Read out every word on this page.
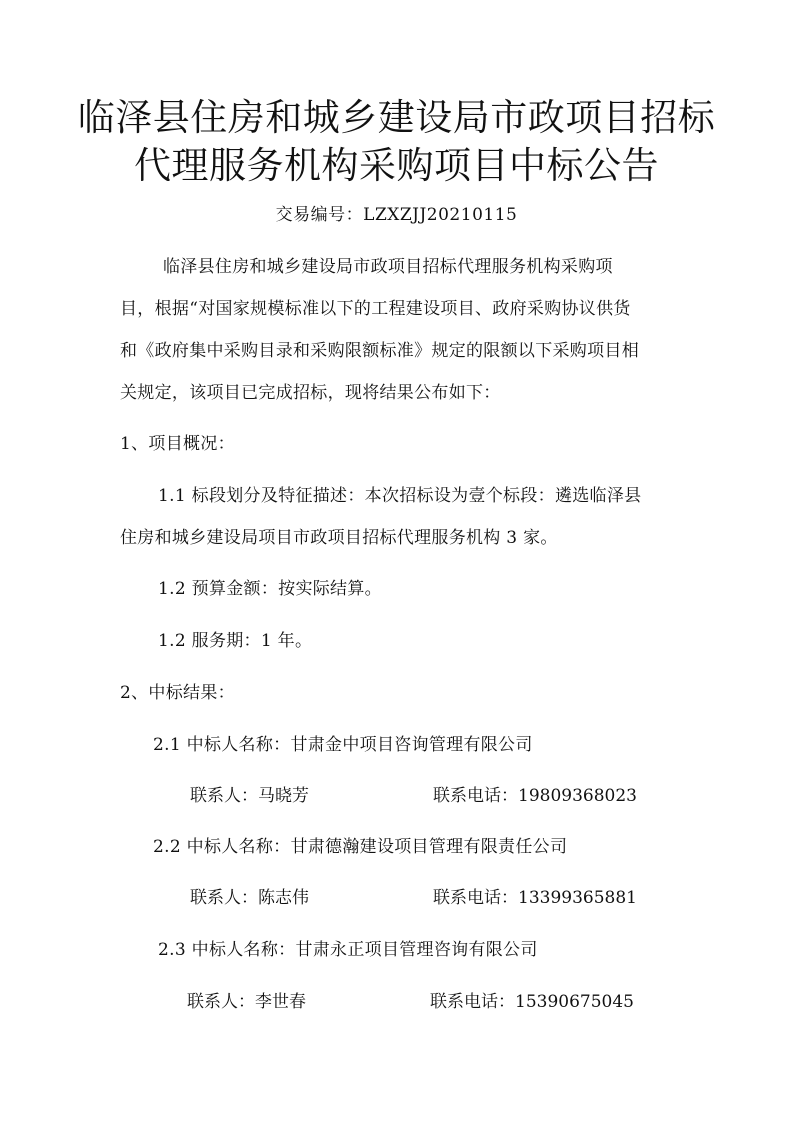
临泽县住房和城乡建设局市政项目招标
代理服务机构采购项目中标公告
交易编号：LZXZJJ20210115
临泽县住房和城乡建设局市政项目招标代理服务机构采购项
目，根据“对国家规模标准以下的工程建设项目、政府采购协议供货
和《政府集中采购目录和采购限额标准》规定的限额以下采购项目相
关规定，该项目已完成招标，现将结果公布如下：
1、项目概况：
1.1 标段划分及特征描述：本次招标设为壹个标段：遴选临泽县
住房和城乡建设局项目市政项目招标代理服务机构 3 家。
1.2 预算金额：按实际结算。
1.2 服务期：1 年。
2、中标结果：
2.1 中标人名称：甘肃金中项目咨询管理有限公司
联系人：马晓芳	联系电话：19809368023
2.2 中标人名称：甘肃德瀚建设项目管理有限责任公司
联系人：陈志伟	联系电话：13399365881
2.3 中标人名称：甘肃永正项目管理咨询有限公司
联系人：李世春	联系电话：15390675045
